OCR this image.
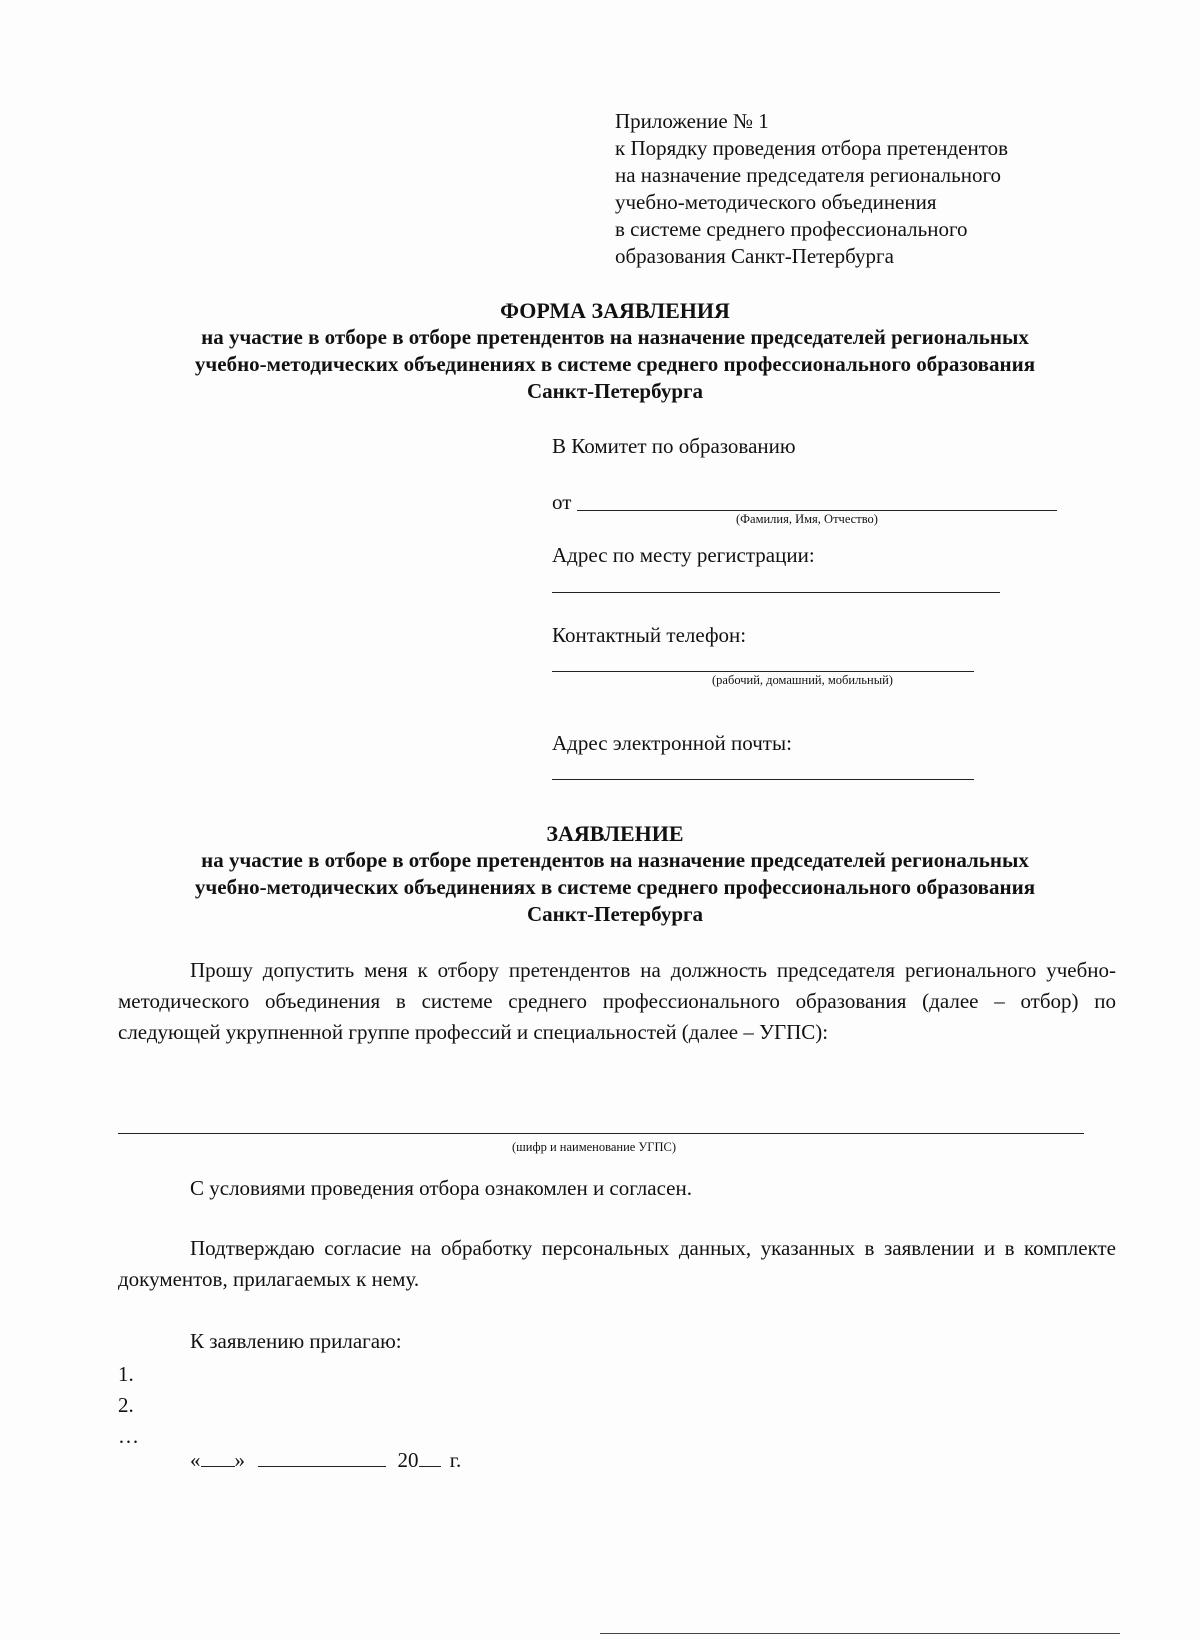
Приложение № 1
к Порядку проведения отбора претендентов
на назначение председателя регионального
учебно-методического объединения
в системе среднего профессионального
образования Санкт-Петербурга
ФОРМА ЗАЯВЛЕНИЯ
на участие в отборе в отборе претендентов на назначение председателей региональных
учебно-методических объединениях в системе среднего профессионального образования
Санкт-Петербурга
В Комитет по образованию
от
(Фамилия, Имя, Отчество)
Адрес по месту регистрации:
Контактный телефон:
(рабочий, домашний, мобильный)
Адрес электронной почты:
ЗАЯВЛЕНИЕ
на участие в отборе в отборе претендентов на назначение председателей региональных
учебно-методических объединениях в системе среднего профессионального образования
Санкт-Петербурга
Прошу допустить меня к отбору претендентов на должность председателя регионального учебно-методического объединения в системе среднего профессионального образования (далее – отбор) по следующей укрупненной группе профессий и специальностей (далее – УГПС):
(шифр и наименование УГПС)
С условиями проведения отбора ознакомлен и согласен.
Подтверждаю согласие на обработку персональных данных, указанных в заявлении и в комплекте документов, прилагаемых к нему.
К заявлению прилагаю:
1.
2.
…
« »	20 г.
